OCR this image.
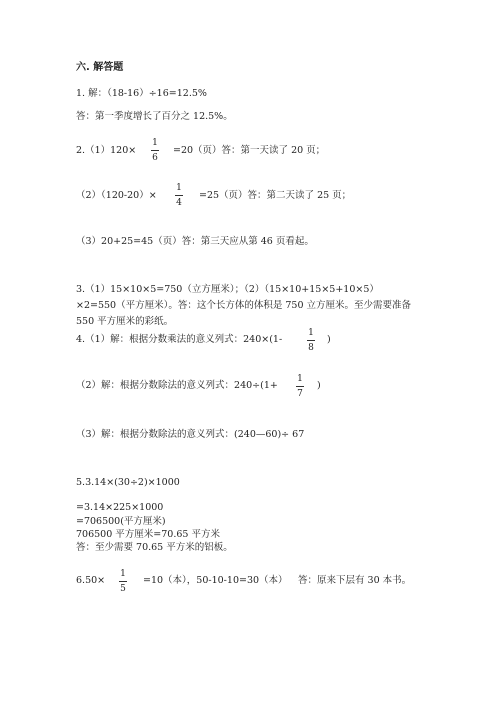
六. 解答题
1. 解：（18-16）÷16=12.5%
答：第一季度增长了百分之 12.5%。
2.（1）120×
1
6
=20（页）答：第一天读了 20 页；
（2）（120-20）×
1
4
=25（页）答：第二天读了 25 页；
（3）20+25=45（页）答：第三天应从第 46 页看起。
3.（1）15×10×5=750（立方厘米）；（2）（15×10+15×5+10×5）
×2=550（平方厘米）。答：这个长方体的体积是 750 立方厘米。至少需要准备
550 平方厘米的彩纸。
4.（1）解：根据分数乘法的意义列式：240×(1-
1
8
)
（2）解：根据分数除法的意义列式：240÷(1+
1
7
)
（3）解：根据分数除法的意义列式：(240—60)÷ 67
5.3.14×(30÷2)×1000
=3.14×225×1000
=706500(平方厘米)
706500 平方厘米=70.65 平方米
答：至少需要 70.65 平方米的铝板。
6.50×
1
5
=10（本），50-10-10=30（本） 答：原来下层有 30 本书。
